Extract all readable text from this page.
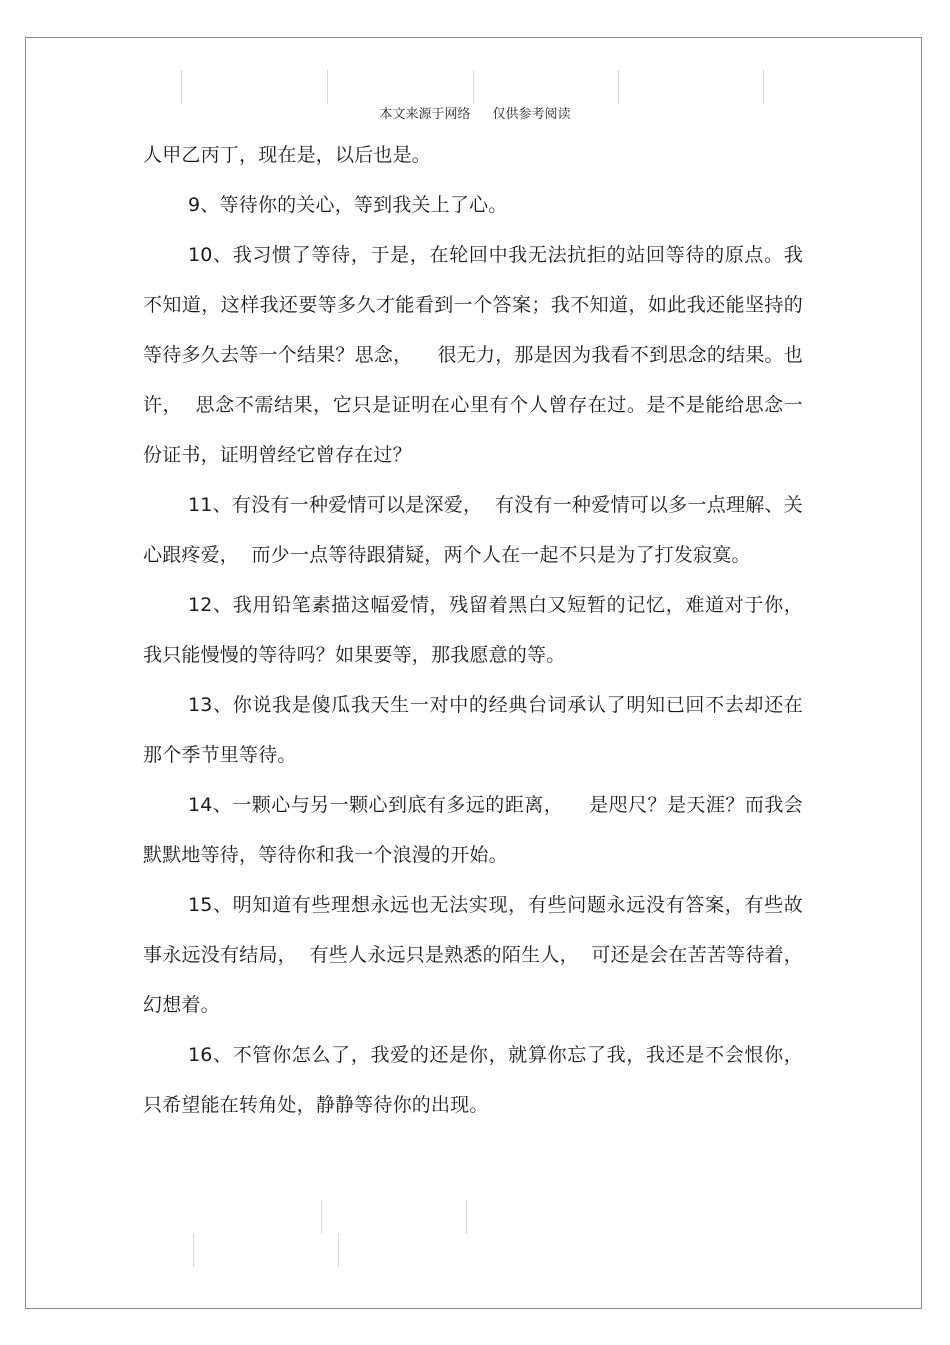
本文来源于网络 仅供参考阅读

人甲乙丙丁，现在是，以后也是。

9、等待你的关心，等到我关上了心。

10、我习惯了等待，于是，在轮回中我无法抗拒的站回等待的原点。我不知道，这样我还要等多久才能看到一个答案；我不知道，如此我还能坚持的等待多久去等一个结果？思念，    很无力，那是因为我看不到思念的结果。也许，  思念不需结果，它只是证明在心里有个人曾存在过。是不是能给思念一份证书，证明曾经它曾存在过？

11、有没有一种爱情可以是深爱，  有没有一种爱情可以多一点理解、关心跟疼爱，  而少一点等待跟猜疑，两个人在一起不只是为了打发寂寞。

12、我用铅笔素描这幅爱情，残留着黑白又短暂的记忆，难道对于你，我只能慢慢的等待吗？如果要等，那我愿意的等。

13、你说我是傻瓜我天生一对中的经典台词承认了明知已回不去却还在那个季节里等待。

14、一颗心与另一颗心到底有多远的距离，    是咫尺？是天涯？而我会默默地等待，等待你和我一个浪漫的开始。

15、明知道有些理想永远也无法实现，有些问题永远没有答案，有些故事永远没有结局，  有些人永远只是熟悉的陌生人，  可还是会在苦苦等待着，幻想着。

16、不管你怎么了，我爱的还是你，就算你忘了我，我还是不会恨你，只希望能在转角处，静静等待你的出现。
